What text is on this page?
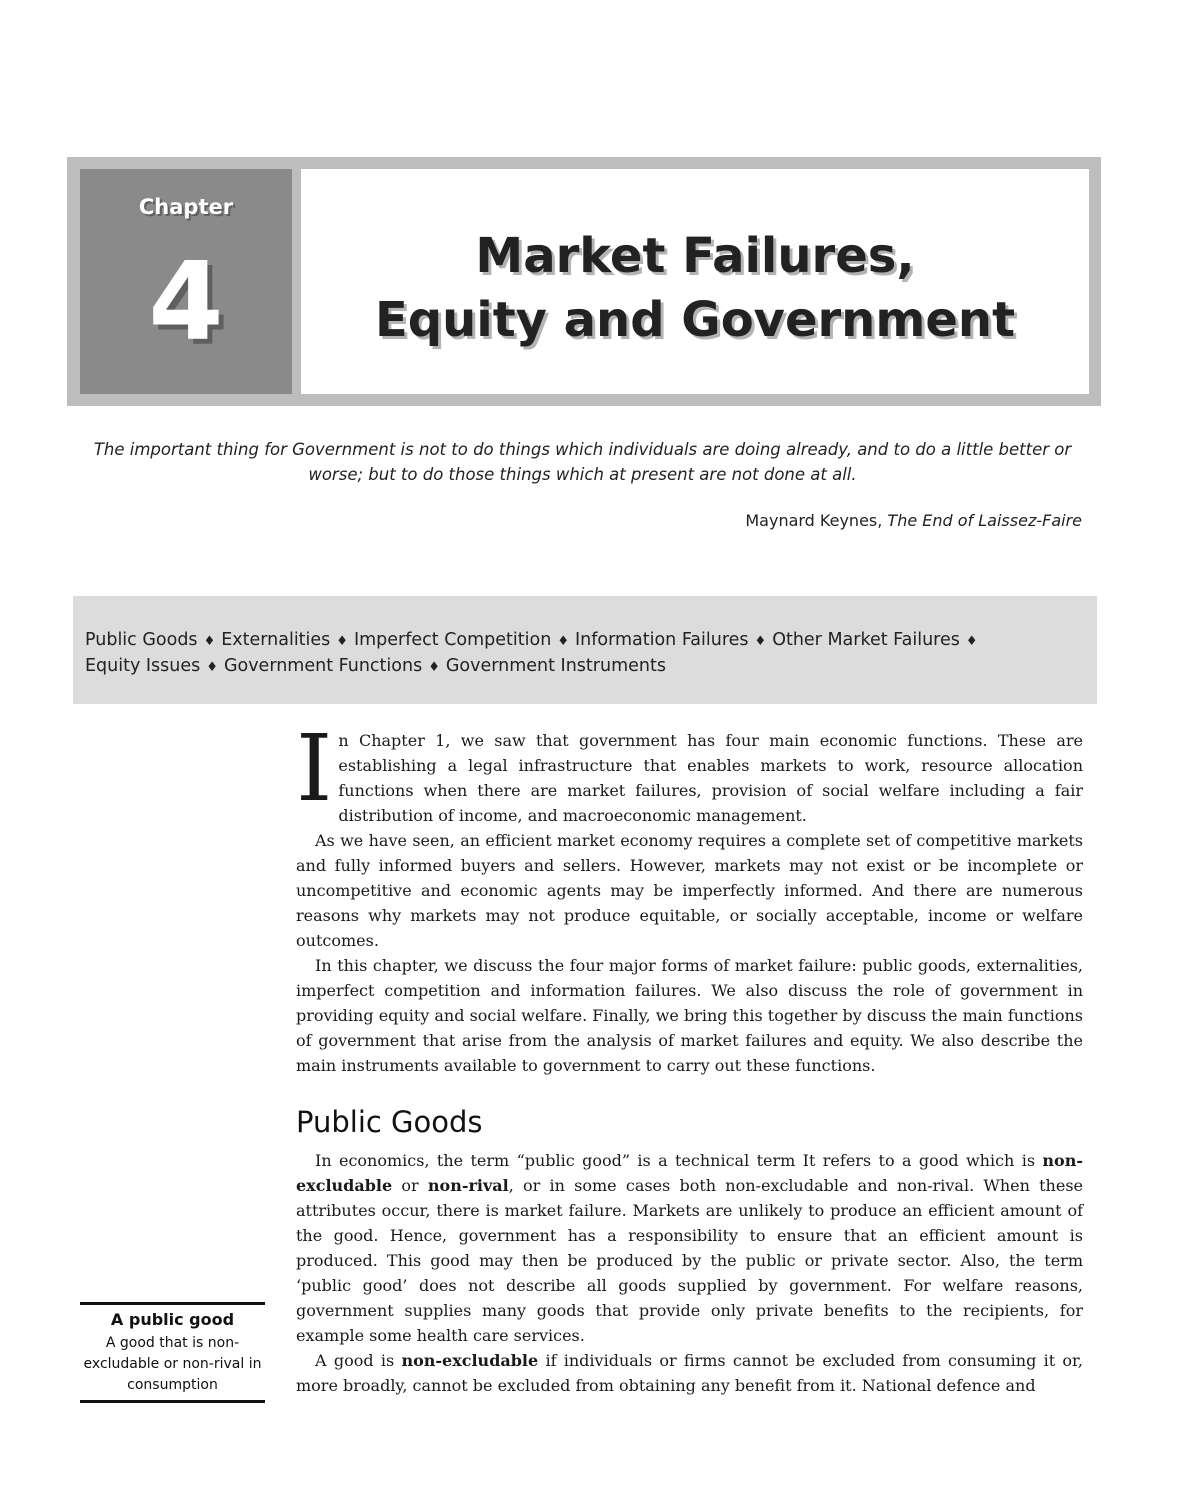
Chapter
4	Market Failures,
Equity and Government
The important thing for Government is not to do things which individuals are doing already, and to do a little better or worse; but to do those things which at present are not done at all.
Maynard Keynes, The End of Laissez-Faire
Public Goods ♦ Externalities ♦ Imperfect Competition ♦ Information Failures ♦ Other Market Failures ♦
Equity Issues ♦ Government Functions ♦ Government Instruments

In Chapter 1, we saw that government has four main economic functions. These are establishing a legal infrastructure that enables markets to work, resource allocation functions when there are market failures, provision of social welfare including a fair distribution of income, and macroeconomic management.

As we have seen, an efficient market economy requires a complete set of competitive markets and fully informed buyers and sellers. However, markets may not exist or be incomplete or uncompetitive and economic agents may be imperfectly informed. And there are numerous reasons why markets may not produce equitable, or socially acceptable, income or welfare outcomes.

In this chapter, we discuss the four major forms of market failure: public goods, externalities, imperfect competition and information failures. We also discuss the role of government in providing equity and social welfare. Finally, we bring this together by discuss the main functions of government that arise from the analysis of market failures and equity. We also describe the main instruments available to government to carry out these functions.

Public Goods

In economics, the term “public good” is a technical term It refers to a good which is non-excludable or non-rival, or in some cases both non-excludable and non-rival. When these attributes occur, there is market failure. Markets are unlikely to produce an efficient amount of the good. Hence, government has a responsibility to ensure that an efficient amount is produced. This good may then be produced by the public or private sector. Also, the term ‘public good’ does not describe all goods supplied by government. For welfare reasons, government supplies many goods that provide only private benefits to the recipients, for example some health care services.

A good is non-excludable if individuals or firms cannot be excluded from consuming it or, more broadly, cannot be excluded from obtaining any benefit from it. National defence and

A public good
A good that is non-excludable or non-rival in consumption
